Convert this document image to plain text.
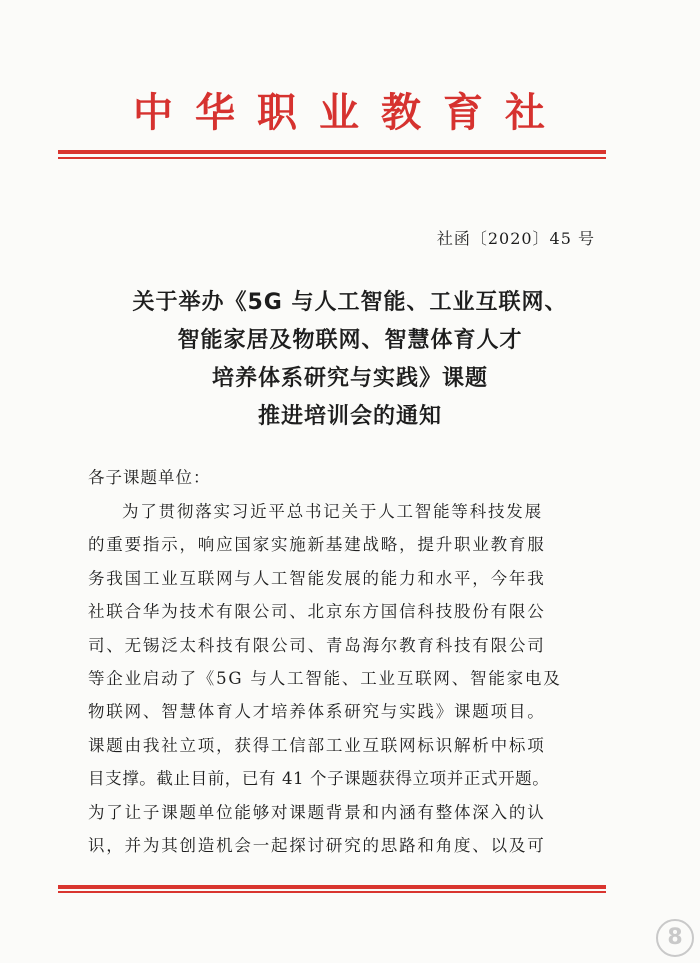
中华职业教育社
社函〔2020〕45 号
关于举办《5G 与人工智能、工业互联网、
智能家居及物联网、智慧体育人才
培养体系研究与实践》课题
推进培训会的通知
各子课题单位：
为了贯彻落实习近平总书记关于人工智能等科技发展
的重要指示，响应国家实施新基建战略，提升职业教育服
务我国工业互联网与人工智能发展的能力和水平，今年我
社联合华为技术有限公司、北京东方国信科技股份有限公
司、无锡泛太科技有限公司、青岛海尔教育科技有限公司
等企业启动了《5G 与人工智能、工业互联网、智能家电及
物联网、智慧体育人才培养体系研究与实践》课题项目。
课题由我社立项，获得工信部工业互联网标识解析中标项
目支撑。截止目前，已有 41 个子课题获得立项并正式开题。
为了让子课题单位能够对课题背景和内涵有整体深入的认
识，并为其创造机会一起探讨研究的思路和角度、以及可
8
